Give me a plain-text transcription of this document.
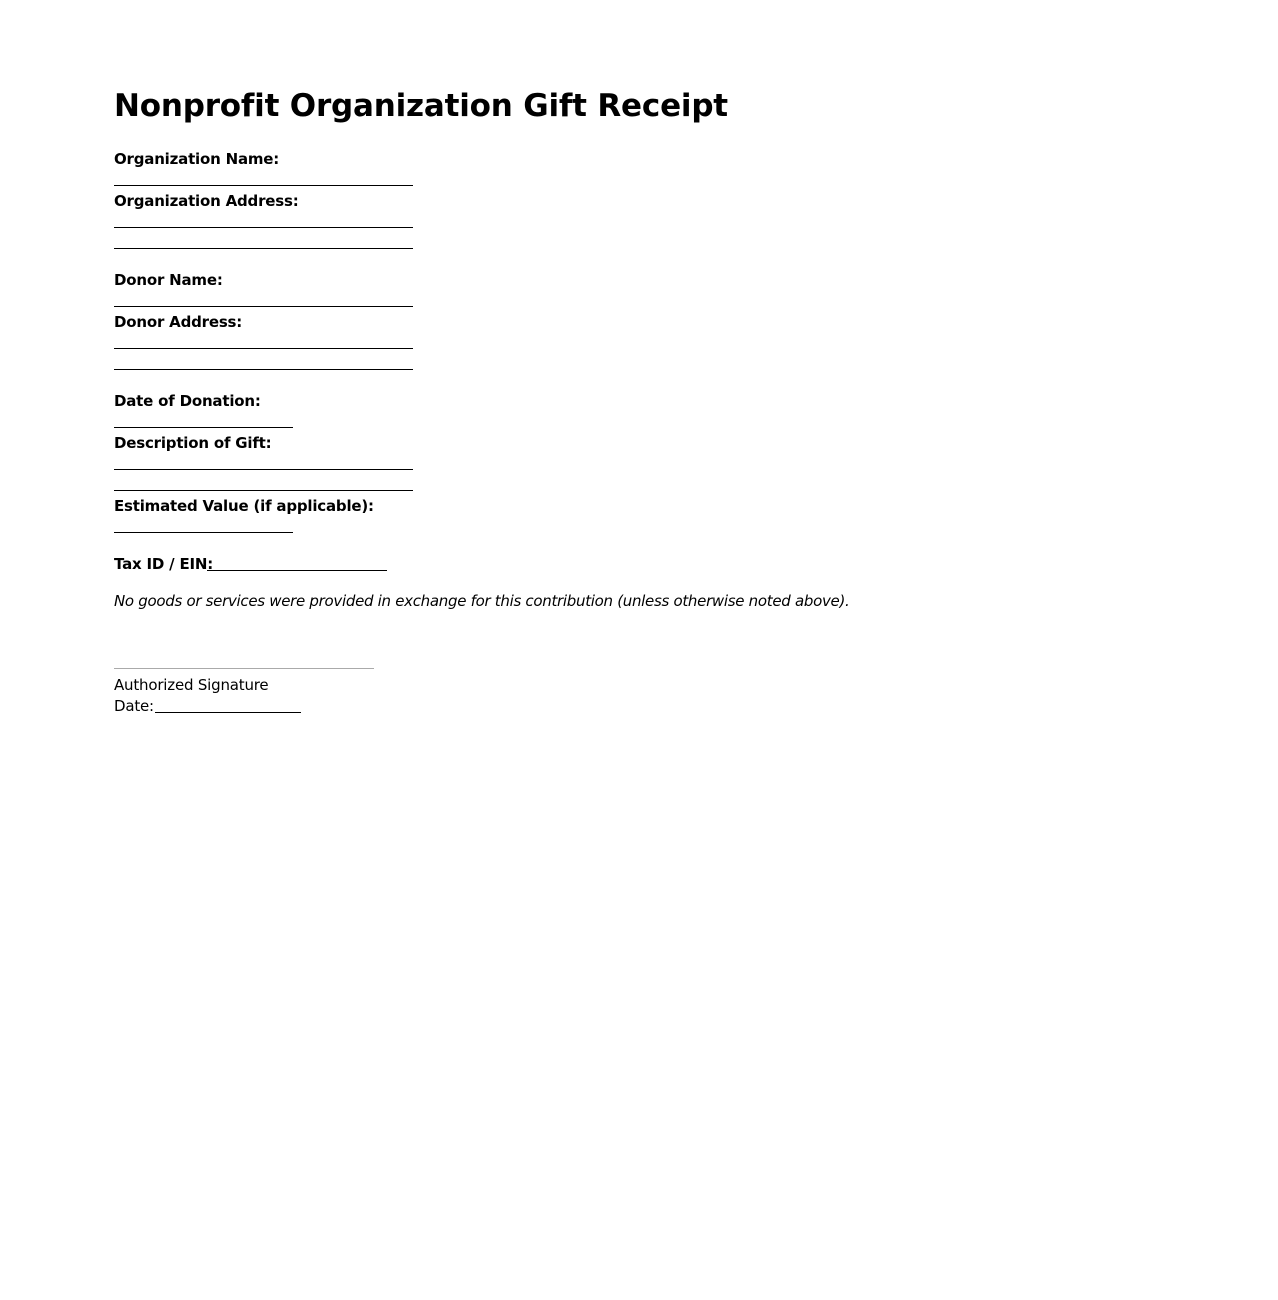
Nonprofit Organization Gift Receipt
Organization Name:
Organization Address:
Donor Name:
Donor Address:
Date of Donation:
Description of Gift:
Estimated Value (if applicable):
Tax ID / EIN:
No goods or services were provided in exchange for this contribution (unless otherwise noted above).
Authorized Signature
Date:
